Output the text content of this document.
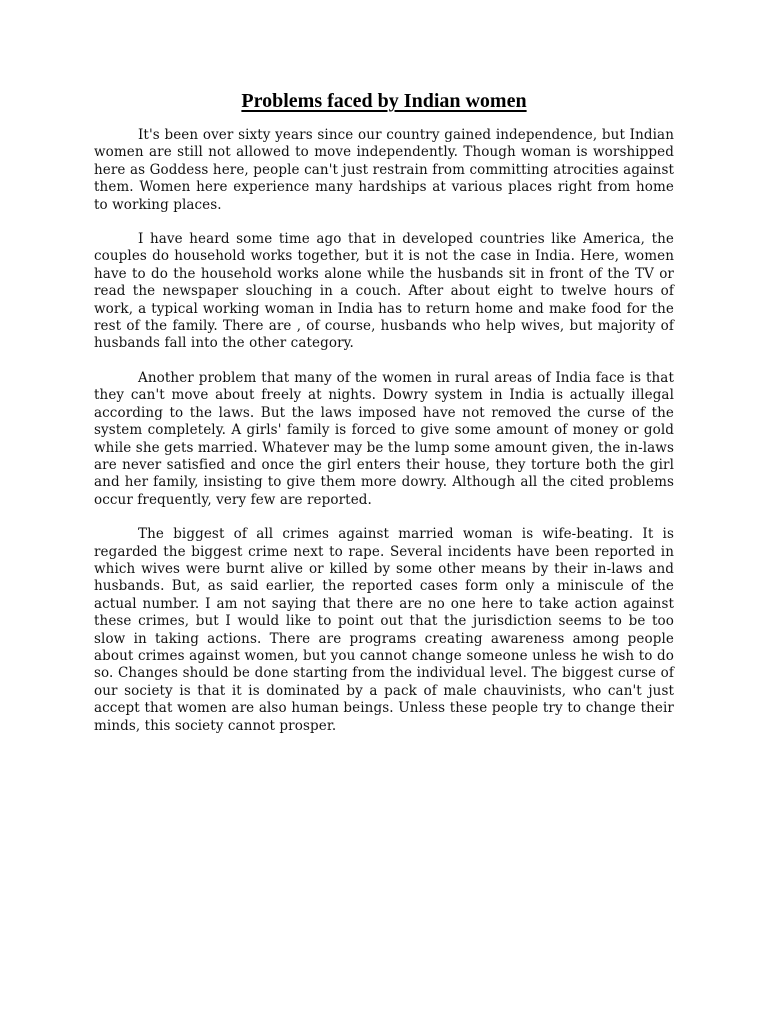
Problems faced by Indian women

It's been over sixty years since our country gained independence, but Indian women are still not allowed to move independently. Though woman is worshipped here as Goddess here, people can't just restrain from committing atrocities against them. Women here experience many hardships at various places right from home to working places.

I have heard some time ago that in developed countries like America, the couples do household works together, but it is not the case in India. Here, women have to do the household works alone while the husbands sit in front of the TV or read the newspaper slouching in a couch. After about eight to twelve hours of work, a typical working woman in India has to return home and make food for the rest of the family. There are , of course, husbands who help wives, but majority of husbands fall into the other category.

Another problem that many of the women in rural areas of India face is that they can't move about freely at nights. Dowry system in India is actually illegal according to the laws. But the laws imposed have not removed the curse of the system completely. A girls' family is forced to give some amount of money or gold while she gets married. Whatever may be the lump some amount given, the in-laws are never satisfied and once the girl enters their house, they torture both the girl and her family, insisting to give them more dowry. Although all the cited problems occur frequently, very few are reported.

The biggest of all crimes against married woman is wife-beating. It is regarded the biggest crime next to rape. Several incidents have been reported in which wives were burnt alive or killed by some other means by their in-laws and husbands. But, as said earlier, the reported cases form only a miniscule of the actual number. I am not saying that there are no one here to take action against these crimes, but I would like to point out that the jurisdiction seems to be too slow in taking actions. There are programs creating awareness among people about crimes against women, but you cannot change someone unless he wish to do so. Changes should be done starting from the individual level. The biggest curse of our society is that it is dominated by a pack of male chauvinists, who can't just accept that women are also human beings. Unless these people try to change their minds, this society cannot prosper.
